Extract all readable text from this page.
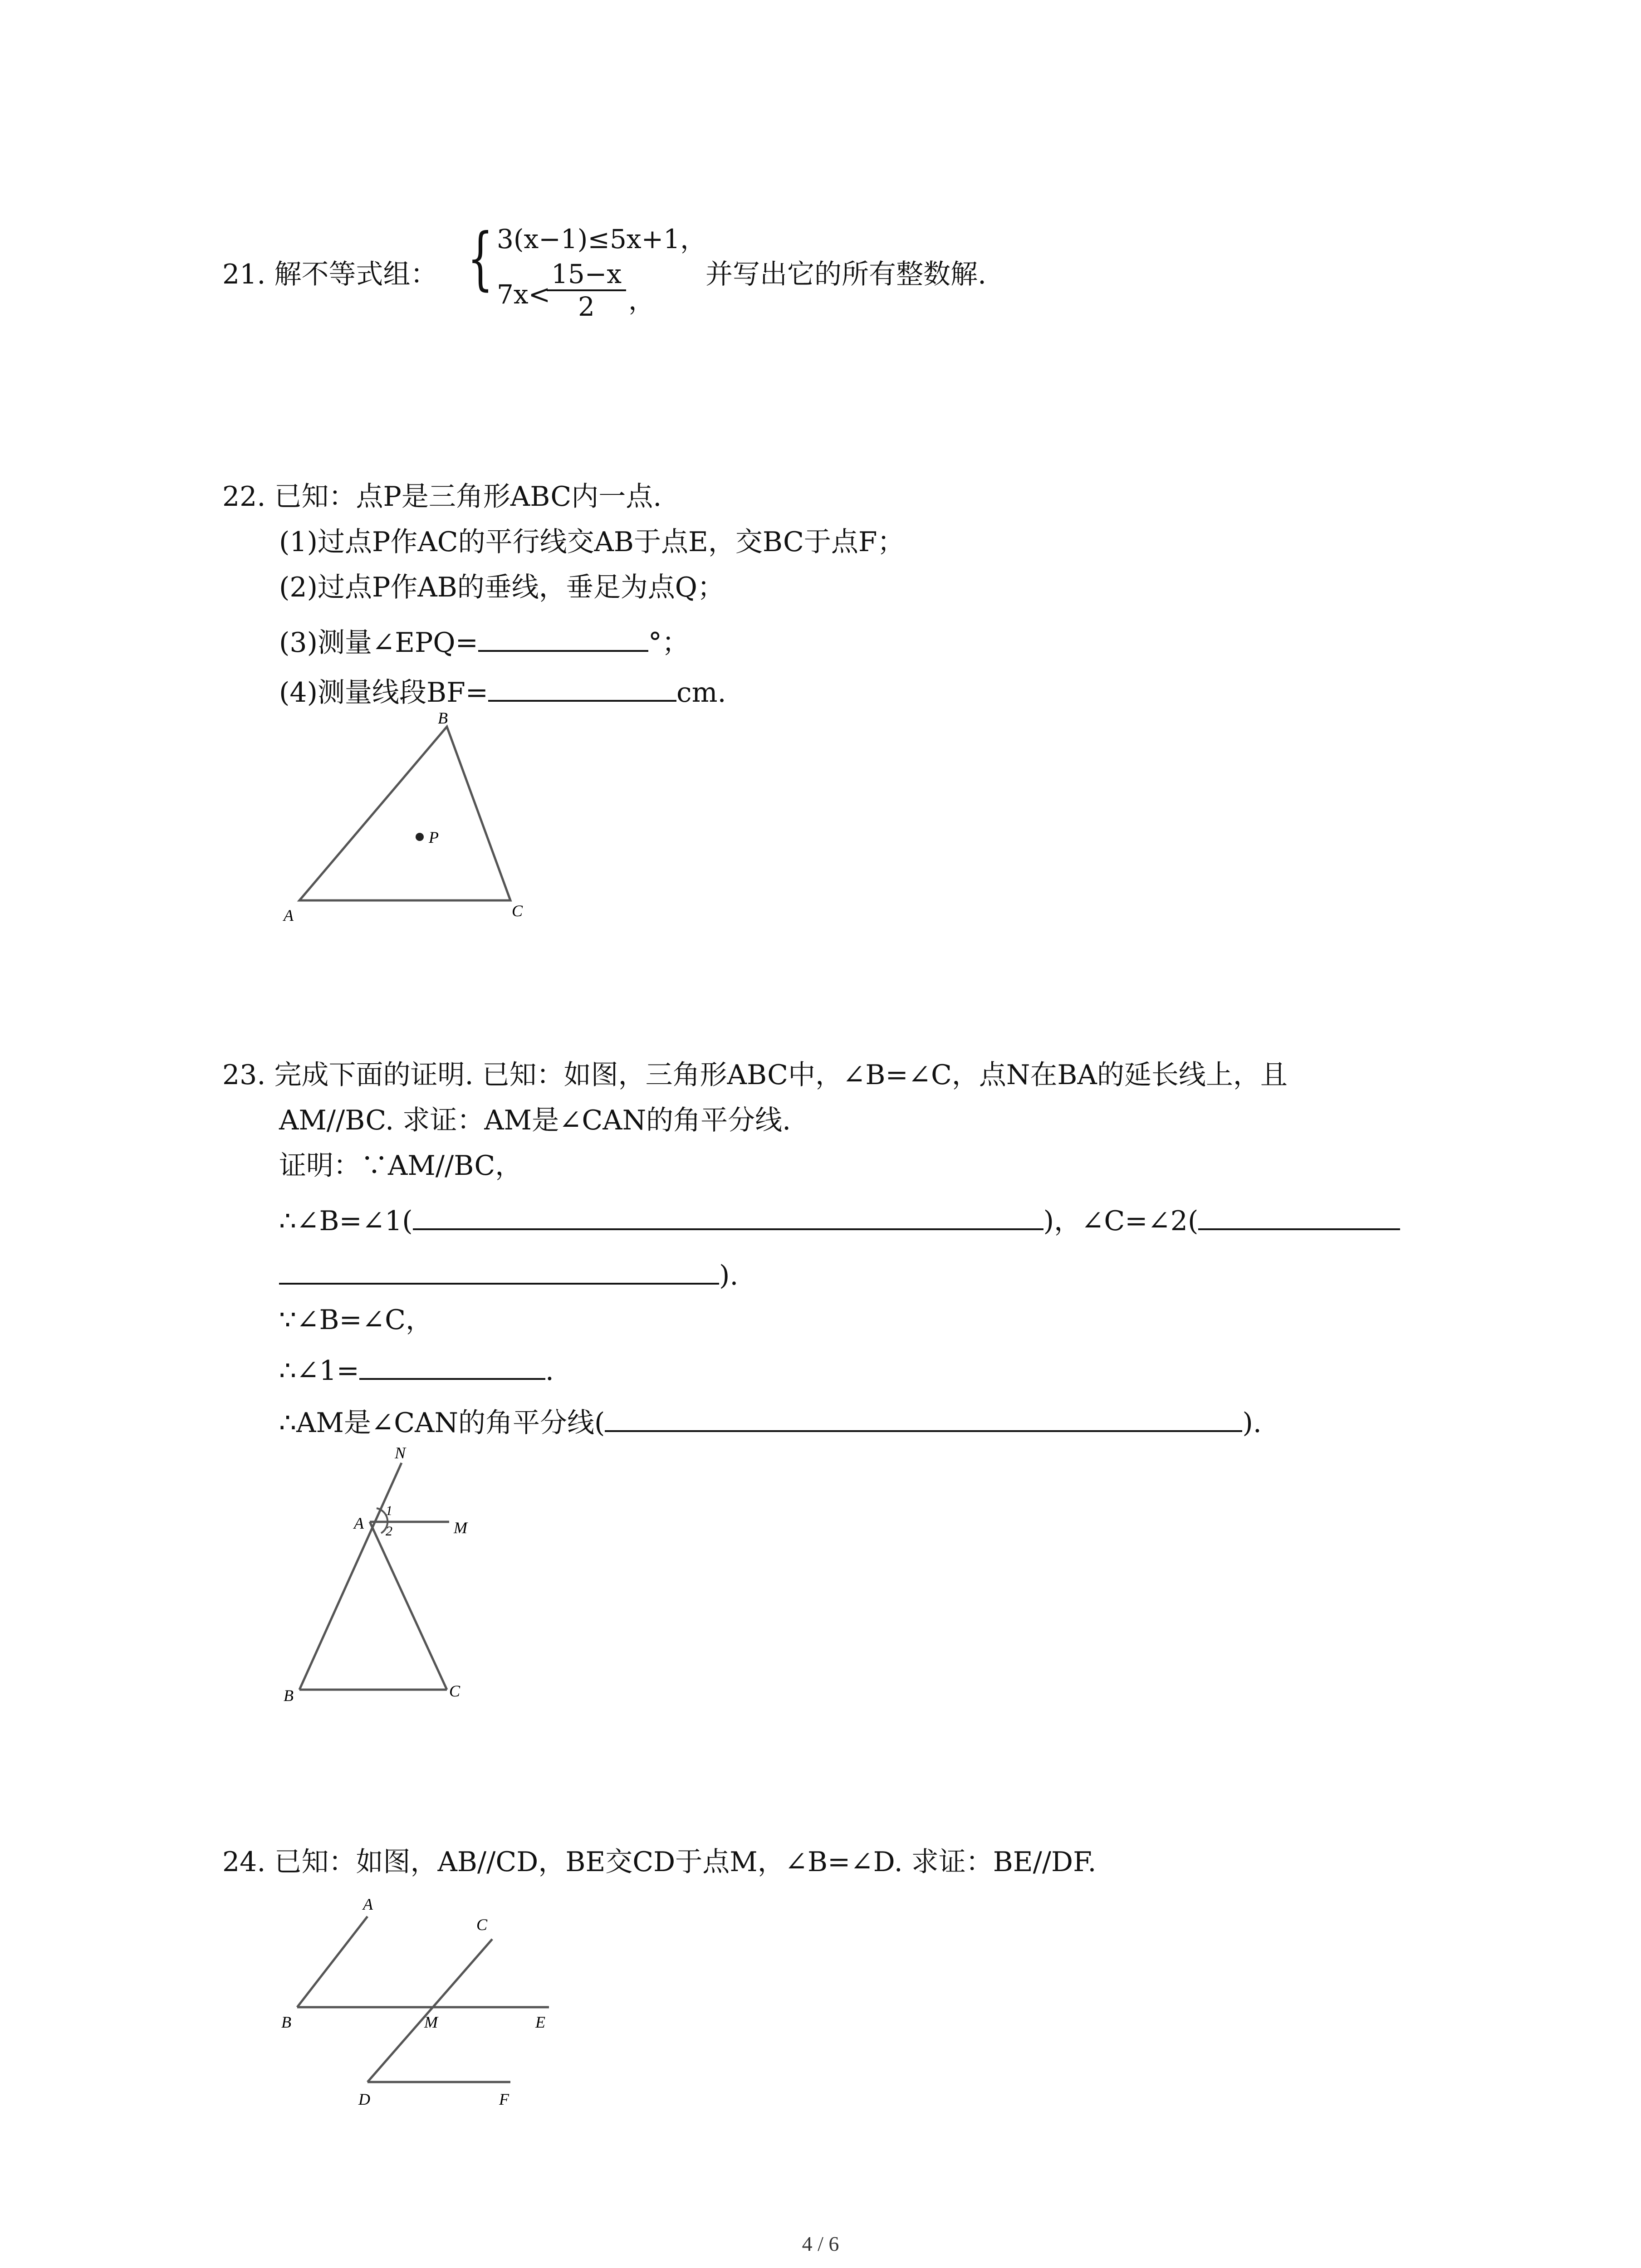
21. 解不等式组： { 3(x−1)≤5x+1，
7x<
$\frac{15-x}{2}$ ，
并写出它的所有整数解.
22. 已知：点P是三角形ABC内一点.
(1)过点P作AC的平行线交AB于点E，交BC于点F；
(2)过点P作AB的垂线，垂足为点Q；
(3)测量∠EPQ=	°；
(4)测量线段BF=	cm.
B
P
A	C
23. 完成下面的证明. 已知：如图，三角形ABC中，∠B=∠C，点N在BA的延长线上，且
AM//BC. 求证：AM是∠CAN的角平分线.
证明：∵AM//BC，
∴∠B=∠1(	)，∠C=∠2(
).
∵∠B=∠C，
∴∠1=	.
∴AM是∠CAN的角平分线(	).
N
A
1
2	M
B	C
24. 已知：如图，AB//CD，BE交CD于点M，∠B=∠D. 求证：BE//DF.
A
C
B	M	E
D	F
4 / 6
